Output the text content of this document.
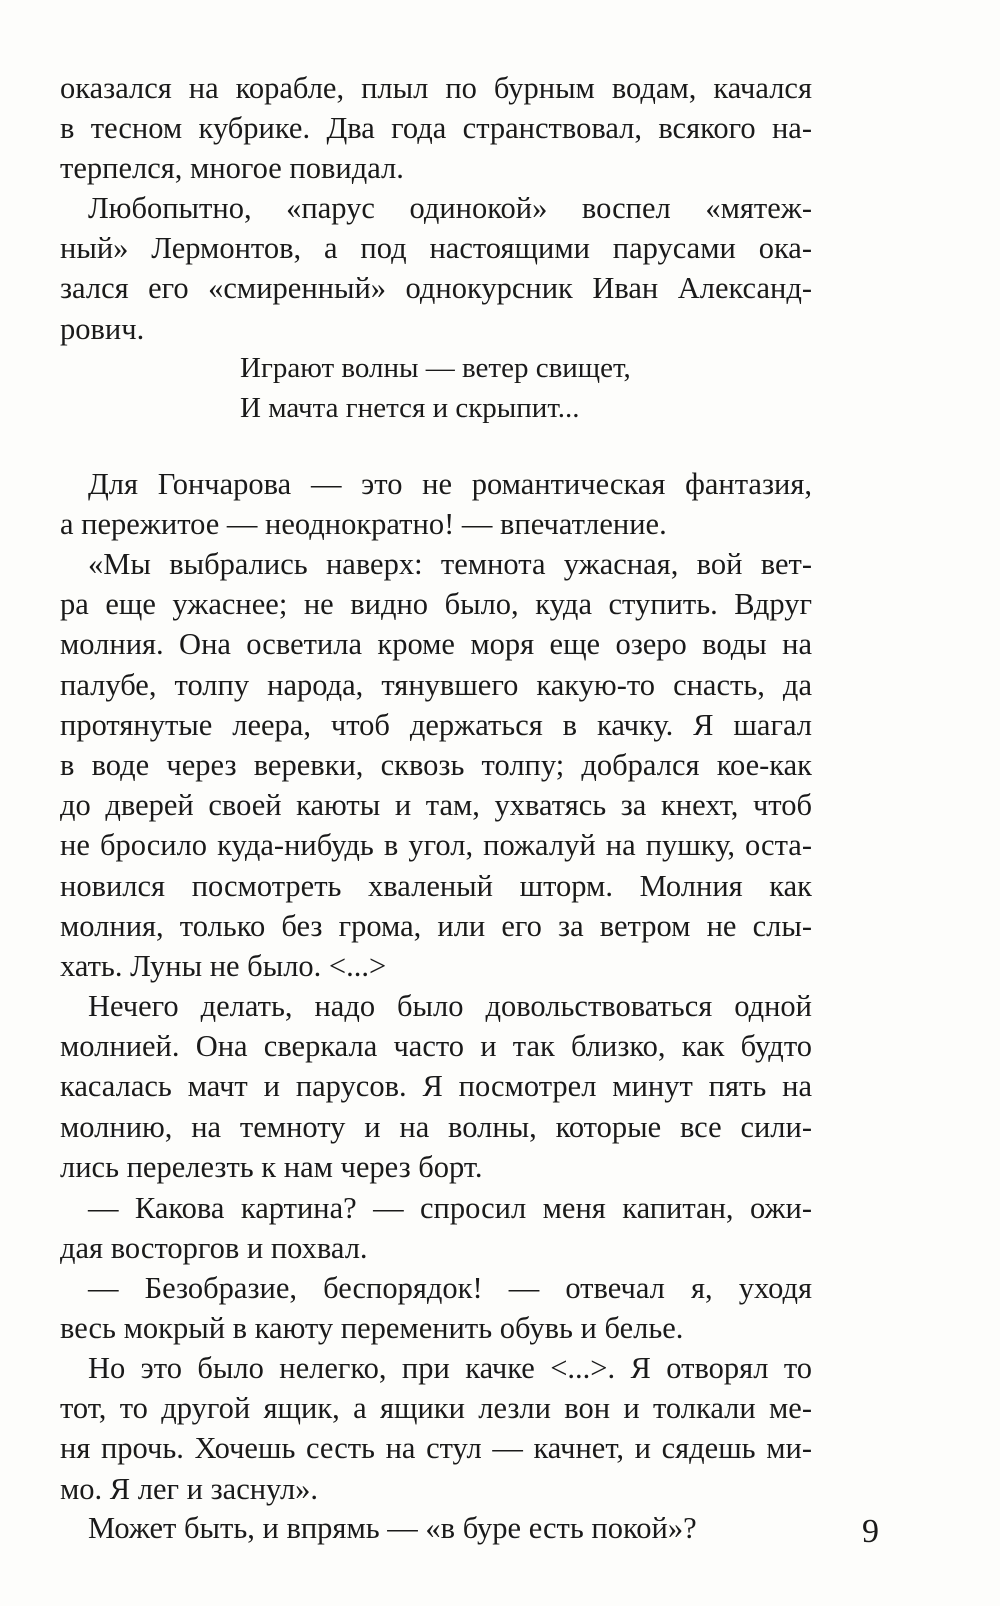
оказался на корабле, плыл по бурным водам, качался
в тесном кубрике. Два года странствовал, всякого на-
терпелся, многое повидал.
Любопытно, «парус одинокой» воспел «мятеж-
ный» Лермонтов, а под настоящими парусами ока-
зался его «смиренный» однокурсник Иван Александ-
рович.
Играют волны — ветер свищет,
И мачта гнется и скрыпит...
Для Гончарова — это не романтическая фантазия,
а пережитое — неоднократно! — впечатление.
«Мы выбрались наверх: темнота ужасная, вой вет-
ра еще ужаснее; не видно было, куда ступить. Вдруг
молния. Она осветила кроме моря еще озеро воды на
палубе, толпу народа, тянувшего какую-то снасть, да
протянутые леера, чтоб держаться в качку. Я шагал
в воде через веревки, сквозь толпу; добрался кое-как
до дверей своей каюты и там, ухватясь за кнехт, чтоб
не бросило куда-нибудь в угол, пожалуй на пушку, оста-
новился посмотреть хваленый шторм. Молния как
молния, только без грома, или его за ветром не слы-
хать. Луны не было. <...>
Нечего делать, надо было довольствоваться одной
молнией. Она сверкала часто и так близко, как будто
касалась мачт и парусов. Я посмотрел минут пять на
молнию, на темноту и на волны, которые все сили-
лись перелезть к нам через борт.
— Какова картина? — спросил меня капитан, ожи-
дая восторгов и похвал.
— Безобразие, беспорядок! — отвечал я, уходя
весь мокрый в каюту переменить обувь и белье.
Но это было нелегко, при качке <...>. Я отворял то
тот, то другой ящик, а ящики лезли вон и толкали ме-
ня прочь. Хочешь сесть на стул — качнет, и сядешь ми-
мо. Я лег и заснул».
Может быть, и впрямь — «в буре есть покой»?	9
